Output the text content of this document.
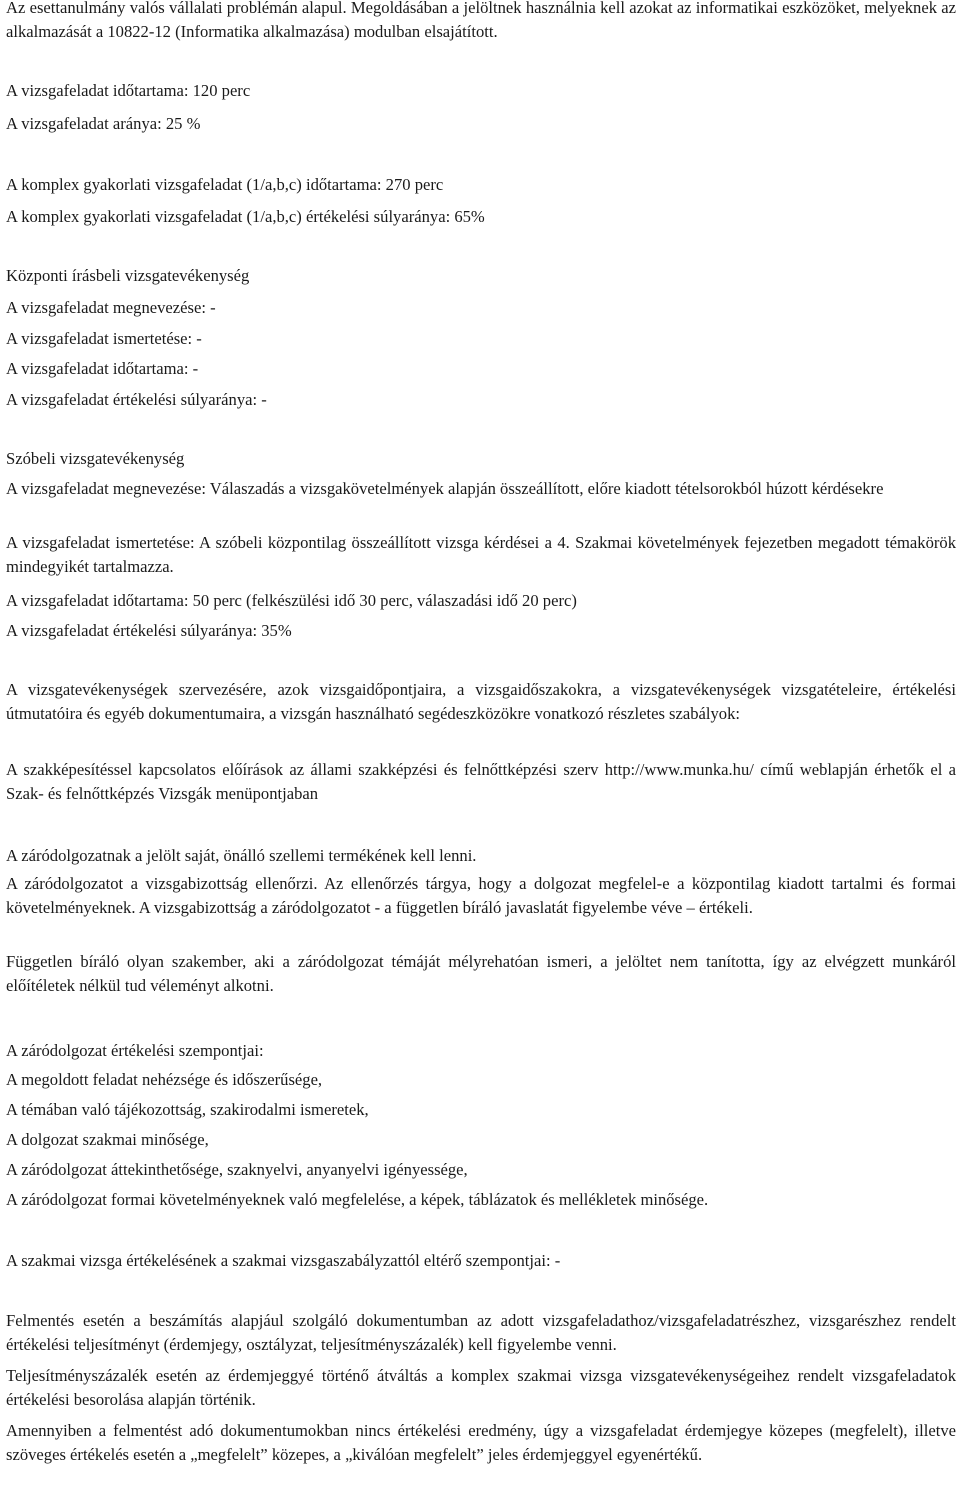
Az esettanulmány valós vállalati problémán alapul. Megoldásában a jelöltnek használnia kell azokat az informatikai eszközöket, melyeknek az alkalmazását a 10822-12 (Informatika alkalmazása) modulban elsajátított.
A vizsgafeladat időtartama: 120 perc
A vizsgafeladat aránya: 25 %
A komplex gyakorlati vizsgafeladat (1/a,b,c) időtartama: 270 perc
A komplex gyakorlati vizsgafeladat (1/a,b,c) értékelési súlyaránya: 65%
Központi írásbeli vizsgatevékenység
A vizsgafeladat megnevezése: -
A vizsgafeladat ismertetése: -
A vizsgafeladat időtartama: -
A vizsgafeladat értékelési súlyaránya: -
Szóbeli vizsgatevékenység
A vizsgafeladat megnevezése: Válaszadás a vizsgakövetelmények alapján összeállított, előre kiadott tételsorokból húzott kérdésekre
A vizsgafeladat ismertetése: A szóbeli központilag összeállított vizsga kérdései a 4. Szakmai követelmények fejezetben megadott témakörök mindegyikét tartalmazza.
A vizsgafeladat időtartama: 50 perc (felkészülési idő 30 perc, válaszadási idő 20 perc)
A vizsgafeladat értékelési súlyaránya: 35%
A vizsgatevékenységek szervezésére, azok vizsgaidőpontjaira, a vizsgaidőszakokra, a vizsgatevékenységek vizsgatételeire, értékelési útmutatóira és egyéb dokumentumaira, a vizsgán használható segédeszközökre vonatkozó részletes szabályok:
A szakképesítéssel kapcsolatos előírások az állami szakképzési és felnőttképzési szerv http://www.munka.hu/ című weblapján érhetők el a Szak- és felnőttképzés Vizsgák menüpontjaban
A záródolgozatnak a jelölt saját, önálló szellemi termékének kell lenni.
A záródolgozatot a vizsgabizottság ellenőrzi. Az ellenőrzés tárgya, hogy a dolgozat megfelel-e a központilag kiadott tartalmi és formai követelményeknek. A vizsgabizottság a záródolgozatot - a független bíráló javaslatát figyelembe véve – értékeli.
Független bíráló olyan szakember, aki a záródolgozat témáját mélyrehatóan ismeri, a jelöltet nem tanította, így az elvégzett munkáról előítéletek nélkül tud véleményt alkotni.
A záródolgozat értékelési szempontjai:
A megoldott feladat nehézsége és időszerűsége,
A témában való tájékozottság, szakirodalmi ismeretek,
A dolgozat szakmai minősége,
A záródolgozat áttekinthetősége, szaknyelvi, anyanyelvi igényessége,
A záródolgozat formai követelményeknek való megfelelése, a képek, táblázatok és mellékletek minősége.
A szakmai vizsga értékelésének a szakmai vizsgaszabályzattól eltérő szempontjai: -
Felmentés esetén a beszámítás alapjául szolgáló dokumentumban az adott vizsgafeladathoz/vizsgafeladatrészhez, vizsgarészhez rendelt értékelési teljesítményt (érdemjegy, osztályzat, teljesítményszázalék) kell figyelembe venni.
Teljesítményszázalék esetén az érdemjeggyé történő átváltás a komplex szakmai vizsga vizsgatevékenységeihez rendelt vizsgafeladatok értékelési besorolása alapján történik.
Amennyiben a felmentést adó dokumentumokban nincs értékelési eredmény, úgy a vizsgafeladat érdemjegye közepes (megfelelt), illetve szöveges értékelés esetén a „megfelelt” közepes, a „kiválóan megfelelt” jeles érdemjeggyel egyenértékű.
